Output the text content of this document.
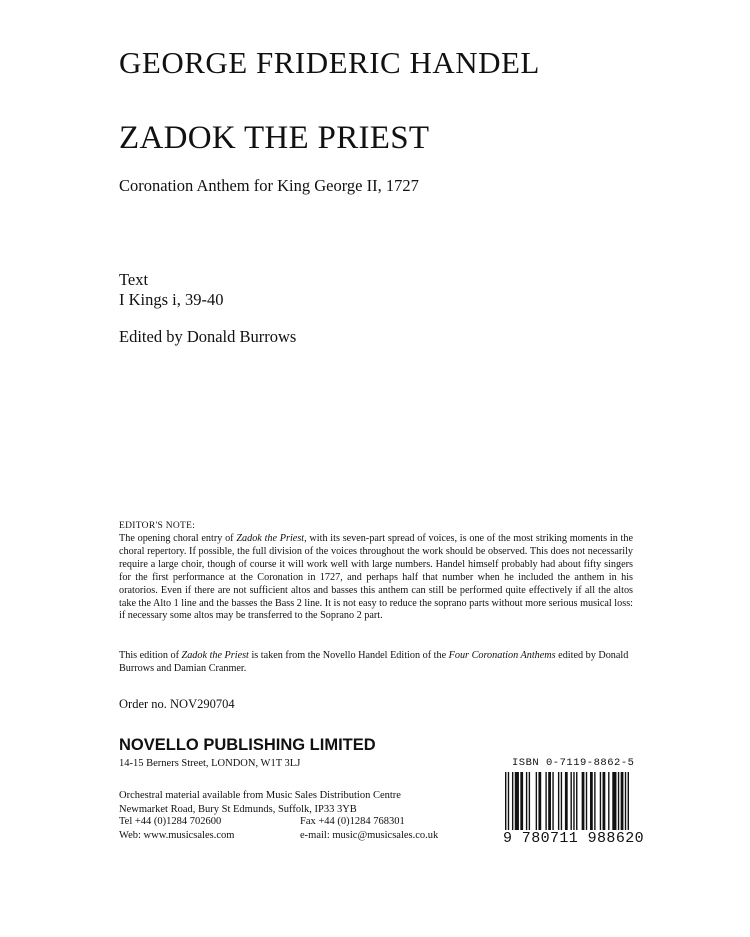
GEORGE FRIDERIC HANDEL
ZADOK THE PRIEST
Coronation Anthem for King George II, 1727
Text
I Kings i, 39-40
Edited by Donald Burrows
EDITOR'S NOTE:
The opening choral entry of Zadok the Priest, with its seven-part spread of voices, is one of the most striking moments in the choral repertory. If possible, the full division of the voices throughout the work should be observed. This does not necessarily require a large choir, though of course it will work well with large numbers. Handel himself probably had about fifty singers for the first performance at the Coronation in 1727, and perhaps half that number when he included the anthem in his oratorios. Even if there are not sufficient altos and basses this anthem can still be performed quite effectively if all the altos take the Alto 1 line and the basses the Bass 2 line. It is not easy to reduce the soprano parts without more serious musical loss: if necessary some altos may be transferred to the Soprano 2 part.
This edition of Zadok the Priest is taken from the Novello Handel Edition of the Four Coronation Anthems edited by Donald Burrows and Damian Cranmer.
Order no. NOV290704
NOVELLO PUBLISHING LIMITED
14-15 Berners Street, LONDON, W1T 3LJ
Orchestral material available from Music Sales Distribution Centre
Newmarket Road, Bury St Edmunds, Suffolk, IP33 3YB
Tel +44 (0)1284 702600	Fax +44 (0)1284 768301
Web: www.musicsales.com	e-mail: music@musicsales.co.uk
ISBN 0-7119-8862-5
9 780711 988620
